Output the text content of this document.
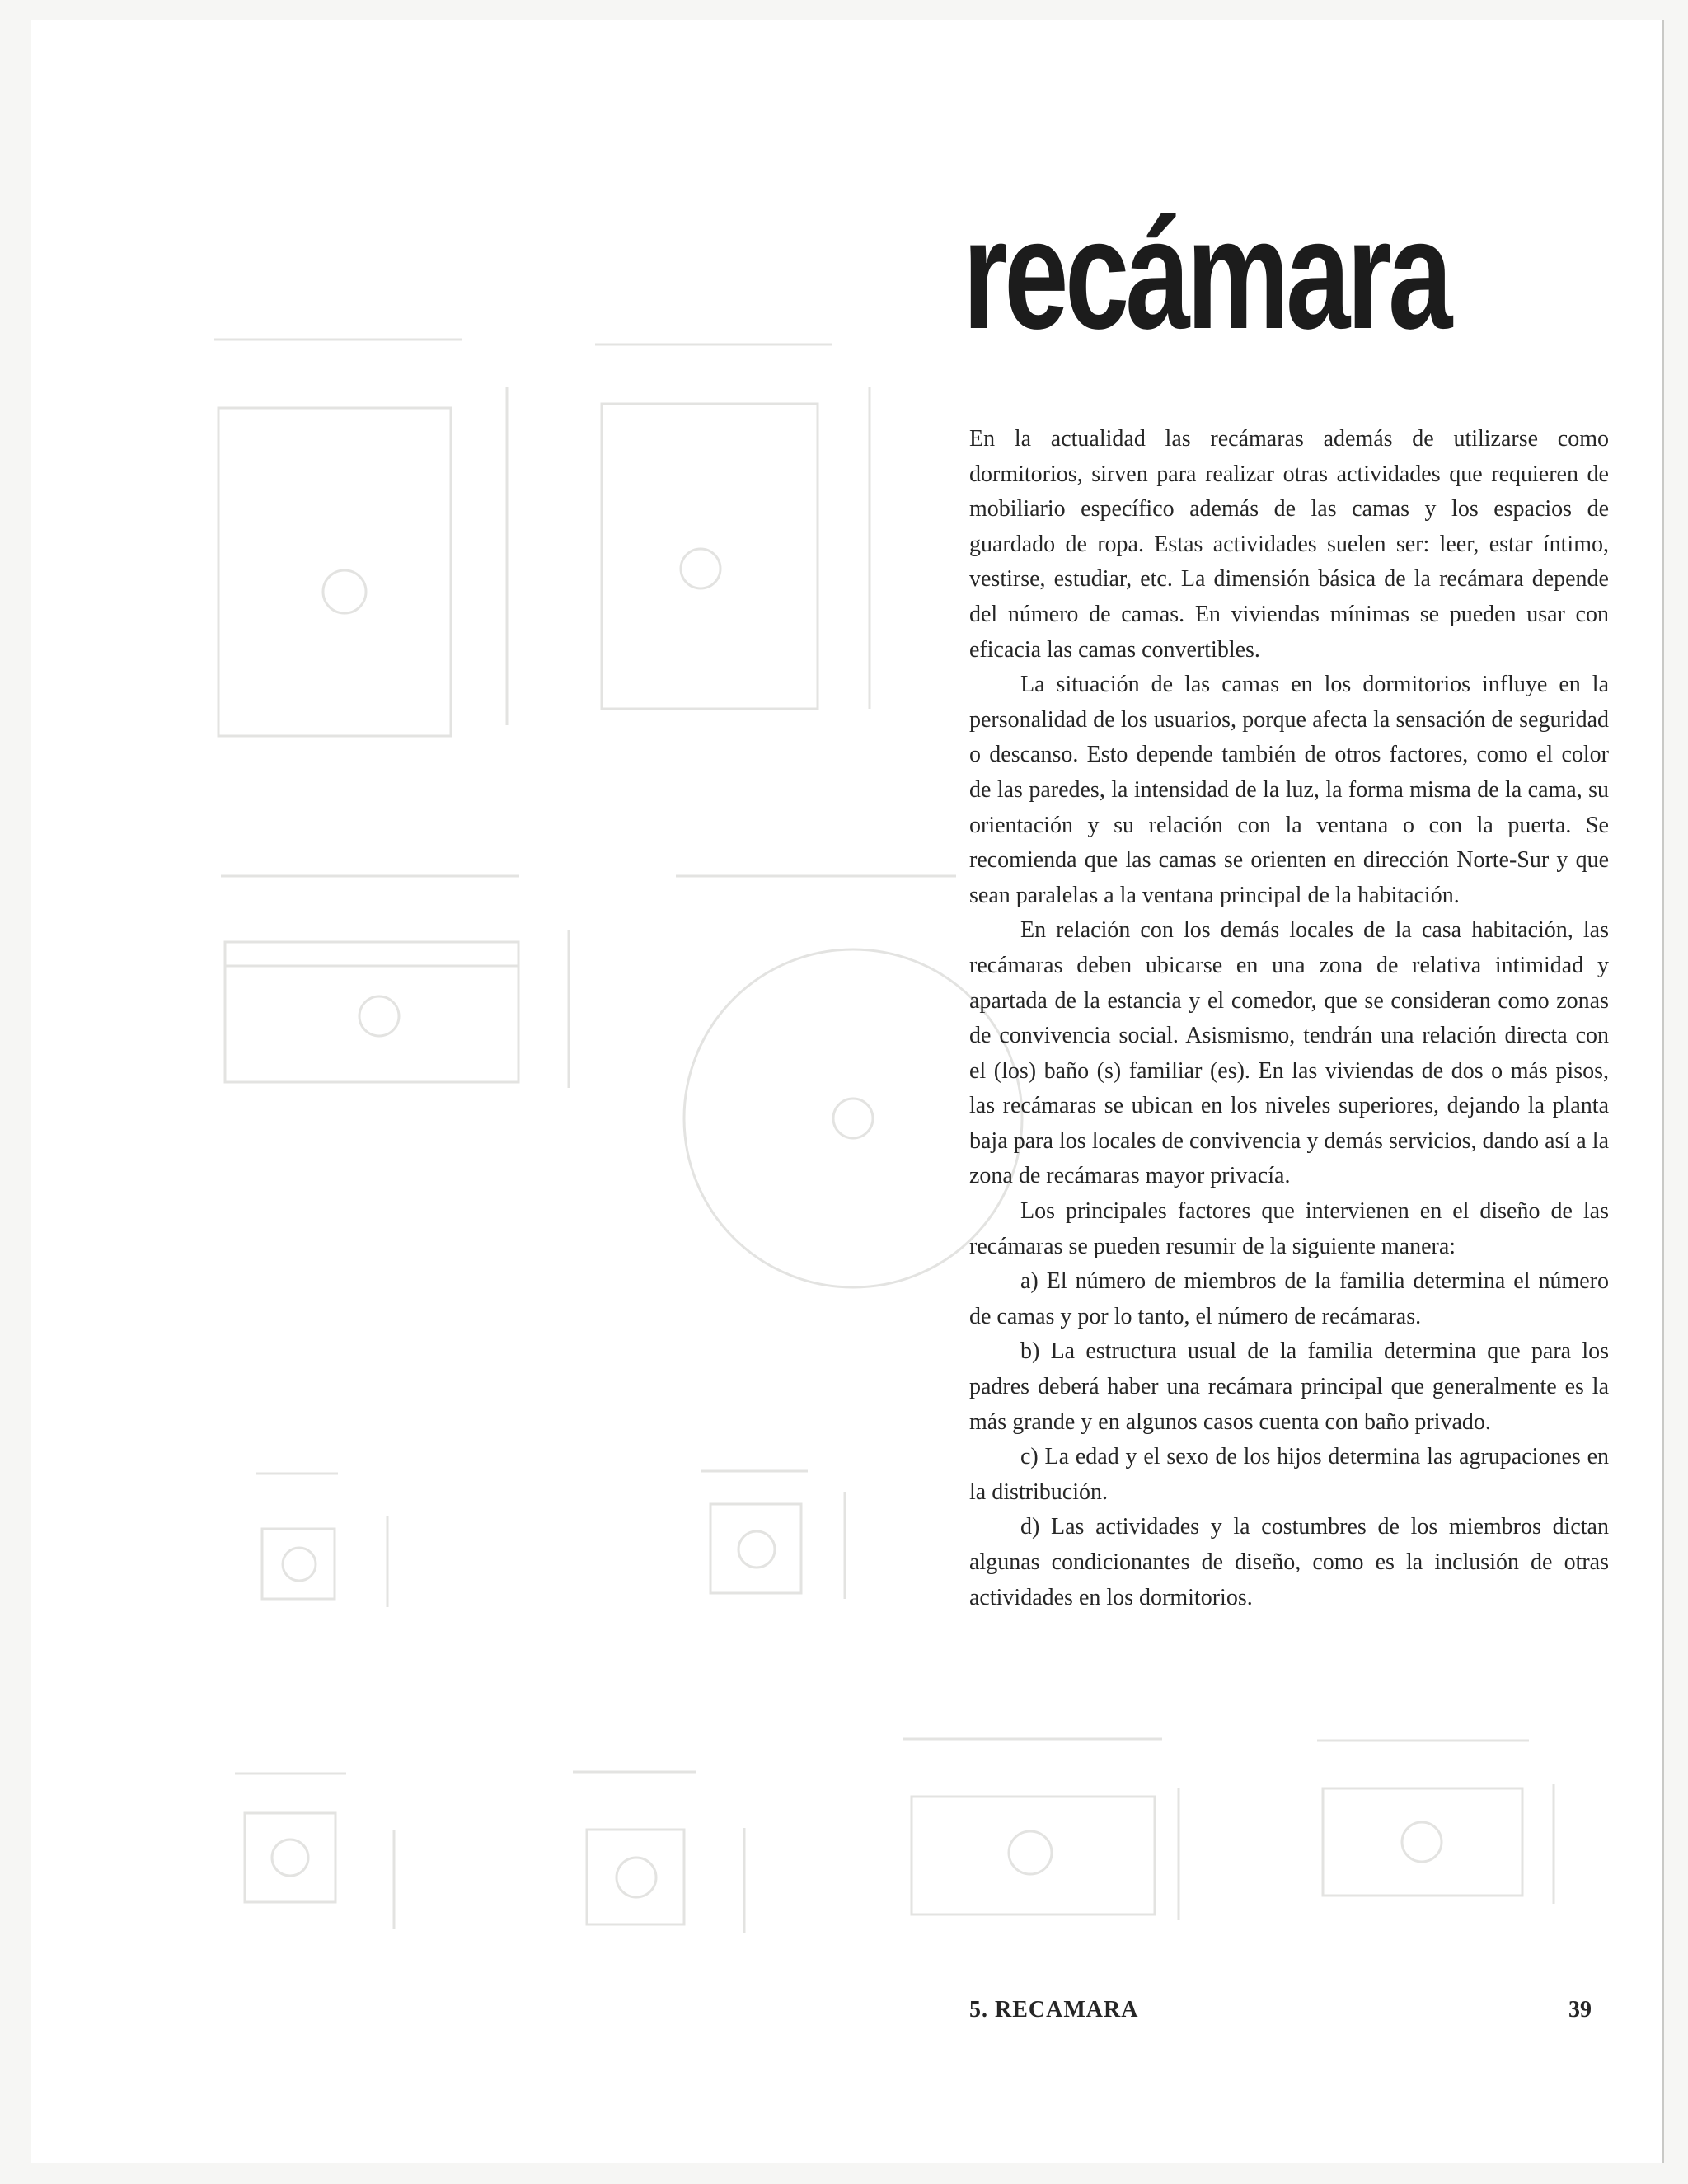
recámara

En la actualidad las recámaras además de utilizarse como dormitorios, sirven para realizar otras actividades que requieren de mobiliario específico además de las camas y los espacios de guardado de ropa. Estas actividades suelen ser: leer, estar íntimo, vestirse, estudiar, etc. La dimensión básica de la recámara depende del número de camas. En viviendas mínimas se pueden usar con eficacia las camas convertibles.

La situación de las camas en los dormitorios influye en la personalidad de los usuarios, porque afecta la sensación de seguridad o descanso. Esto depende también de otros factores, como el color de las paredes, la intensidad de la luz, la forma misma de la cama, su orientación y su relación con la ventana o con la puerta. Se recomienda que las camas se orienten en dirección Norte-Sur y que sean paralelas a la ventana principal de la habitación.

En relación con los demás locales de la casa habitación, las recámaras deben ubicarse en una zona de relativa intimidad y apartada de la estancia y el comedor, que se consideran como zonas de convivencia social. Asismismo, tendrán una relación directa con el (los) baño (s) familiar (es). En las viviendas de dos o más pisos, las recámaras se ubican en los niveles superiores, dejando la planta baja para los locales de convivencia y demás servicios, dando así a la zona de recámaras mayor privacía.

Los principales factores que intervienen en el diseño de las recámaras se pueden resumir de la siguiente manera:

a) El número de miembros de la familia determina el número de camas y por lo tanto, el número de recámaras.

b) La estructura usual de la familia determina que para los padres deberá haber una recámara principal que generalmente es la más grande y en algunos casos cuenta con baño privado.

c) La edad y el sexo de los hijos determina las agrupaciones en la distribución.

d) Las actividades y la costumbres de los miembros dictan algunas condicionantes de diseño, como es la inclusión de otras actividades en los dormitorios.

5. RECAMARA	39
